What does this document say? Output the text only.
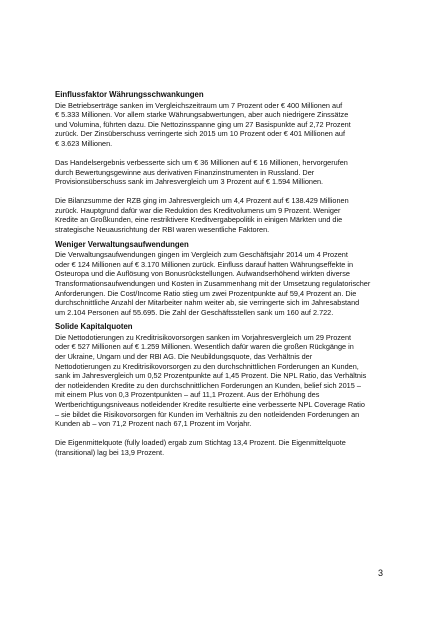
Einflussfaktor Währungsschwankungen

Die Betriebserträge sanken im Vergleichszeitraum um 7 Prozent oder € 400 Millionen auf
€ 5.333 Millionen. Vor allem starke Währungsabwertungen, aber auch niedrigere Zinssätze
und Volumina, führten dazu. Die Nettozinsspanne ging um 27 Basispunkte auf 2,72 Prozent
zurück. Der Zinsüberschuss verringerte sich 2015 um 10 Prozent oder € 401 Millionen auf
€ 3.623 Millionen.

Das Handelsergebnis verbesserte sich um € 36 Millionen auf € 16 Millionen, hervorgerufen
durch Bewertungsgewinne aus derivativen Finanzinstrumenten in Russland. Der
Provisionsüberschuss sank im Jahresvergleich um 3 Prozent auf € 1.594 Millionen.

Die Bilanzsumme der RZB ging im Jahresvergleich um 4,4 Prozent auf € 138.429 Millionen
zurück. Hauptgrund dafür war die Reduktion des Kreditvolumens um 9 Prozent. Weniger
Kredite an Großkunden, eine restriktivere Kreditvergabepolitik in einigen Märkten und die
strategische Neuausrichtung der RBI waren wesentliche Faktoren.

Weniger Verwaltungsaufwendungen

Die Verwaltungsaufwendungen gingen im Vergleich zum Geschäftsjahr 2014 um 4 Prozent
oder € 124 Millionen auf € 3.170 Millionen zurück. Einfluss darauf hatten Währungseffekte in
Osteuropa und die Auflösung von Bonusrückstellungen. Aufwandserhöhend wirkten diverse
Transformationsaufwendungen und Kosten in Zusammenhang mit der Umsetzung regulatorischer
Anforderungen. Die Cost/Income Ratio stieg um zwei Prozentpunkte auf 59,4 Prozent an. Die
durchschnittliche Anzahl der Mitarbeiter nahm weiter ab, sie verringerte sich im Jahresabstand
um 2.104 Personen auf 55.695. Die Zahl der Geschäftsstellen sank um 160 auf 2.722.

Solide Kapitalquoten

Die Nettodotierungen zu Kreditrisikovorsorgen sanken im Vorjahresvergleich um 29 Prozent
oder € 527 Millionen auf € 1.259 Millionen. Wesentlich dafür waren die großen Rückgänge in
der Ukraine, Ungarn und der RBI AG. Die Neubildungsquote, das Verhältnis der
Nettodotierungen zu Kreditrisikovorsorgen zu den durchschnittlichen Forderungen an Kunden,
sank im Jahresvergleich um 0,52 Prozentpunkte auf 1,45 Prozent. Die NPL Ratio, das Verhältnis
der notleidenden Kredite zu den durchschnittlichen Forderungen an Kunden, belief sich 2015 –
mit einem Plus von 0,3 Prozentpunkten – auf 11,1 Prozent. Aus der Erhöhung des
Wertberichtigungsniveaus notleidender Kredite resultierte eine verbesserte NPL Coverage Ratio
– sie bildet die Risikovorsorgen für Kunden im Verhältnis zu den notleidenden Forderungen an
Kunden ab – von 71,2 Prozent nach 67,1 Prozent im Vorjahr.

Die Eigenmittelquote (fully loaded) ergab zum Stichtag 13,4 Prozent. Die Eigenmittelquote
(transitional) lag bei 13,9 Prozent.

3
